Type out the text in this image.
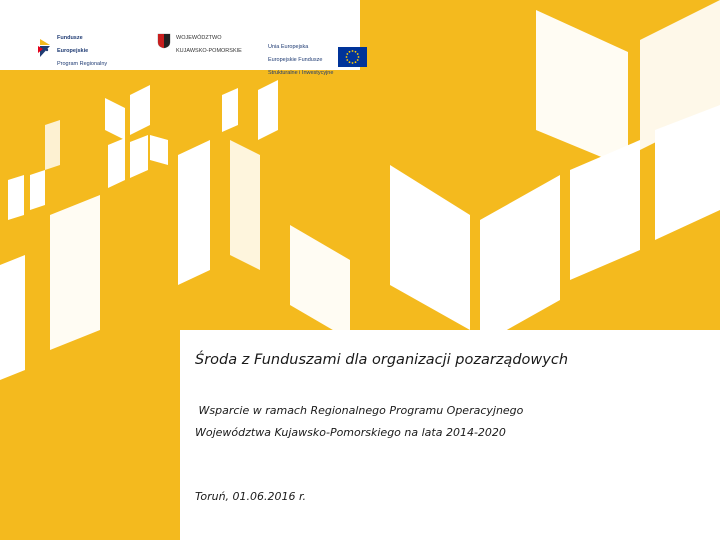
Fundusze

Europejskie

Program Regionalny

WOJEWÓDZTWO

KUJAWSKO-POMORSKIE

Unia Europejska

Europejskie Fundusze

Strukturalne i Inwestycyjne

Środa z Funduszami dla organizacji pozarządowych
Wsparcie w ramach Regionalnego Programu Operacyjnego
Województwa Kujawsko-Pomorskiego na lata 2014-2020
Toruń, 01.06.2016 r.
